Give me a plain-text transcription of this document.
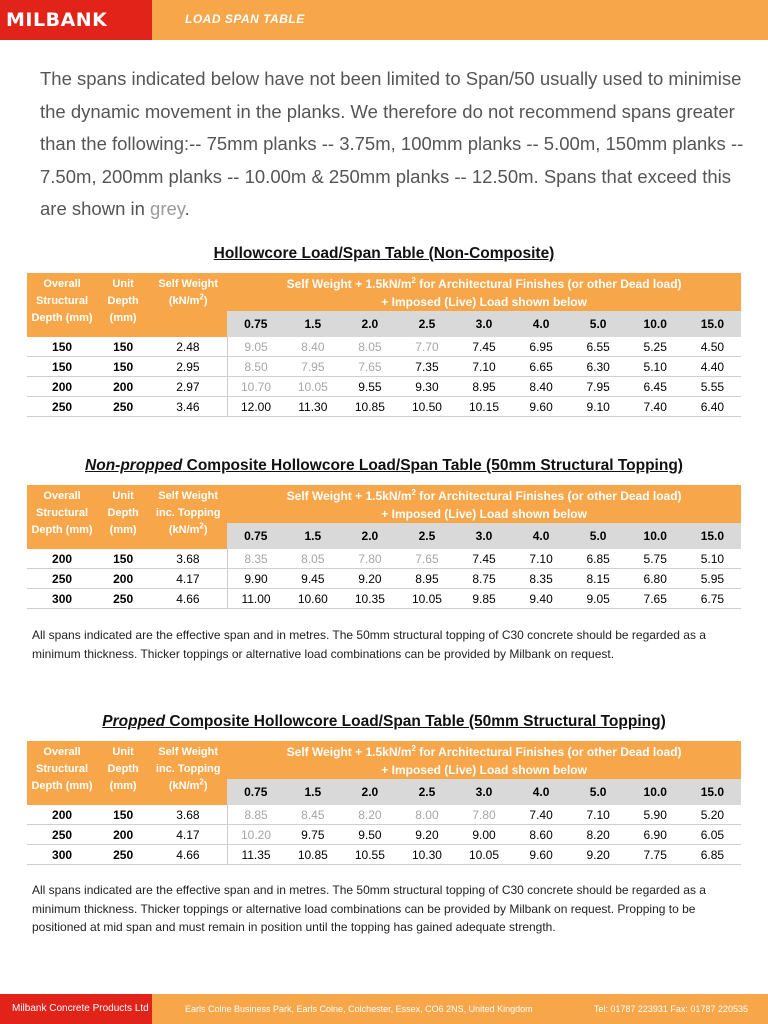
MILBANK	LOAD SPAN TABLE
The spans indicated below have not been limited to Span/50 usually used to minimise the dynamic movement in the planks. We therefore do not recommend spans greater than the following:-- 75mm planks -- 3.75m, 100mm planks -- 5.00m, 150mm planks -- 7.50m, 200mm planks -- 10.00m & 250mm planks -- 12.50m. Spans that exceed this are shown in grey.
Hollowcore Load/Span Table (Non-Composite)
Overall Structural Depth (mm)	Unit Depth (mm)	Self Weight $(kN/m^2)$	Self Weight + $1.5kN/m^2$ for Architectural Finishes (or other Dead load)
+ Imposed (Live) Load shown below								
			0.75	1.5	2.0	2.5	3.0	4.0	5.0	10.0	15.0
150	150	2.48	9.05	8.40	8.05	7.70	7.45	6.95	6.55	5.25	4.50
150	150	2.95	8.50	7.95	7.65	7.35	7.10	6.65	6.30	5.10	4.40
200	200	2.97	10.70	10.05	9.55	9.30	8.95	8.40	7.95	6.45	5.55
250	250	3.46	12.00	11.30	10.85	10.50	10.15	9.60	9.10	7.40	6.40
Non-propped Composite Hollowcore Load/Span Table (50mm Structural Topping)
Overall Structural Depth (mm)	Unit Depth (mm)	Self Weight inc. Topping $(kN/m^2)$	Self Weight + $1.5kN/m^2$ for Architectural Finishes (or other Dead load)
+ Imposed (Live) Load shown below								
			0.75	1.5	2.0	2.5	3.0	4.0	5.0	10.0	15.0
200	150	3.68	8.35	8.05	7.80	7.65	7.45	7.10	6.85	5.75	5.10
250	200	4.17	9.90	9.45	9.20	8.95	8.75	8.35	8.15	6.80	5.95
300	250	4.66	11.00	10.60	10.35	10.05	9.85	9.40	9.05	7.65	6.75
All spans indicated are the effective span and in metres. The 50mm structural topping of C30 concrete should be regarded as a minimum thickness. Thicker toppings or alternative load combinations can be provided by Milbank on request.
Propped Composite Hollowcore Load/Span Table (50mm Structural Topping)
Overall Structural Depth (mm)	Unit Depth (mm)	Self Weight inc. Topping $(kN/m^2)$	Self Weight + $1.5kN/m^2$ for Architectural Finishes (or other Dead load)
+ Imposed (Live) Load shown below								
			0.75	1.5	2.0	2.5	3.0	4.0	5.0	10.0	15.0
200	150	3.68	8.85	8.45	8.20	8.00	7.80	7.40	7.10	5.90	5.20
250	200	4.17	10.20	9.75	9.50	9.20	9.00	8.60	8.20	6.90	6.05
300	250	4.66	11.35	10.85	10.55	10.30	10.05	9.60	9.20	7.75	6.85
All spans indicated are the effective span and in metres. The 50mm structural topping of C30 concrete should be regarded as a minimum thickness. Thicker toppings or alternative load combinations can be provided by Milbank on request. Propping to be positioned at mid span and must remain in position until the topping has gained adequate strength.
Milbank Concrete Products Ltd	Earls Colne Business Park, Earls Colne, Colchester, Essex, CO6 2NS, United Kingdom	Tel: 01787 223931 Fax: 01787 220535
